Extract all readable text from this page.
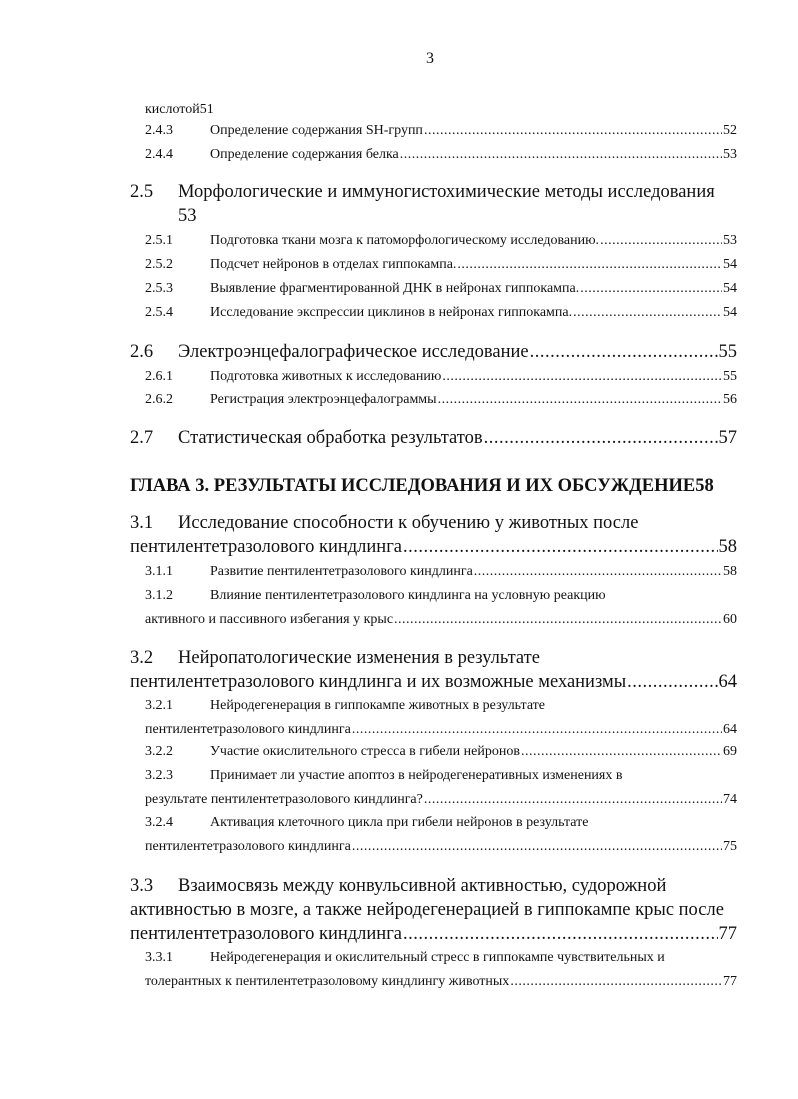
3
кислотой51
2.4.3	Определение содержания SH-групп .....	52
2.4.4	Определение содержания белка .....	53
2.5	Морфологические и иммуногистохимические методы исследования
53
2.5.1	Подготовка ткани мозга к патоморфологическому исследованию. .....	53
2.5.2	Подсчет нейронов в отделах гиппокампа. .....	54
2.5.3	Выявление фрагментированной ДНК в нейронах гиппокампа. .....	54
2.5.4	Исследование экспрессии циклинов в нейронах гиппокампа. .....	54
2.6	Электроэнцефалографическое исследование .....	55
2.6.1	Подготовка животных к исследованию .....	55
2.6.2	Регистрация электроэнцефалограммы .....	56
2.7	Статистическая обработка результатов .....	57
ГЛАВА 3. РЕЗУЛЬТАТЫ ИССЛЕДОВАНИЯ И ИХ ОБСУЖДЕНИЕ 58
3.1	Исследование способности к обучению у животных после
пентилентетразолового киндлинга .....	58
3.1.1	Развитие пентилентетразолового киндлинга .....	58
3.1.2	Влияние пентилентетразолового киндлинга на условную реакцию
активного и пассивного избегания у крыс .....	60
3.2	Нейропатологические изменения в результате
пентилентетразолового киндлинга и их возможные механизмы .....	64
3.2.1	Нейродегенерация в гиппокампе животных в результате
пентилентетразолового киндлинга .....	64
3.2.2	Участие окислительного стресса в гибели нейронов .....	69
3.2.3	Принимает ли участие апоптоз в нейродегенеративных изменениях в
результате пентилентетразолового киндлинга? .....	74
3.2.4	Активация клеточного цикла при гибели нейронов в результате
пентилентетразолового киндлинга .....	75
3.3	Взаимосвязь между конвульсивной активностью, судорожной
активностью в мозге, а также нейродегенерацией в гиппокампе крыс после
пентилентетразолового киндлинга .....	77
3.3.1	Нейродегенерация и окислительный стресс в гиппокампе чувствительных и
толерантных к пентилентетразоловому киндлингу животных .....	77
